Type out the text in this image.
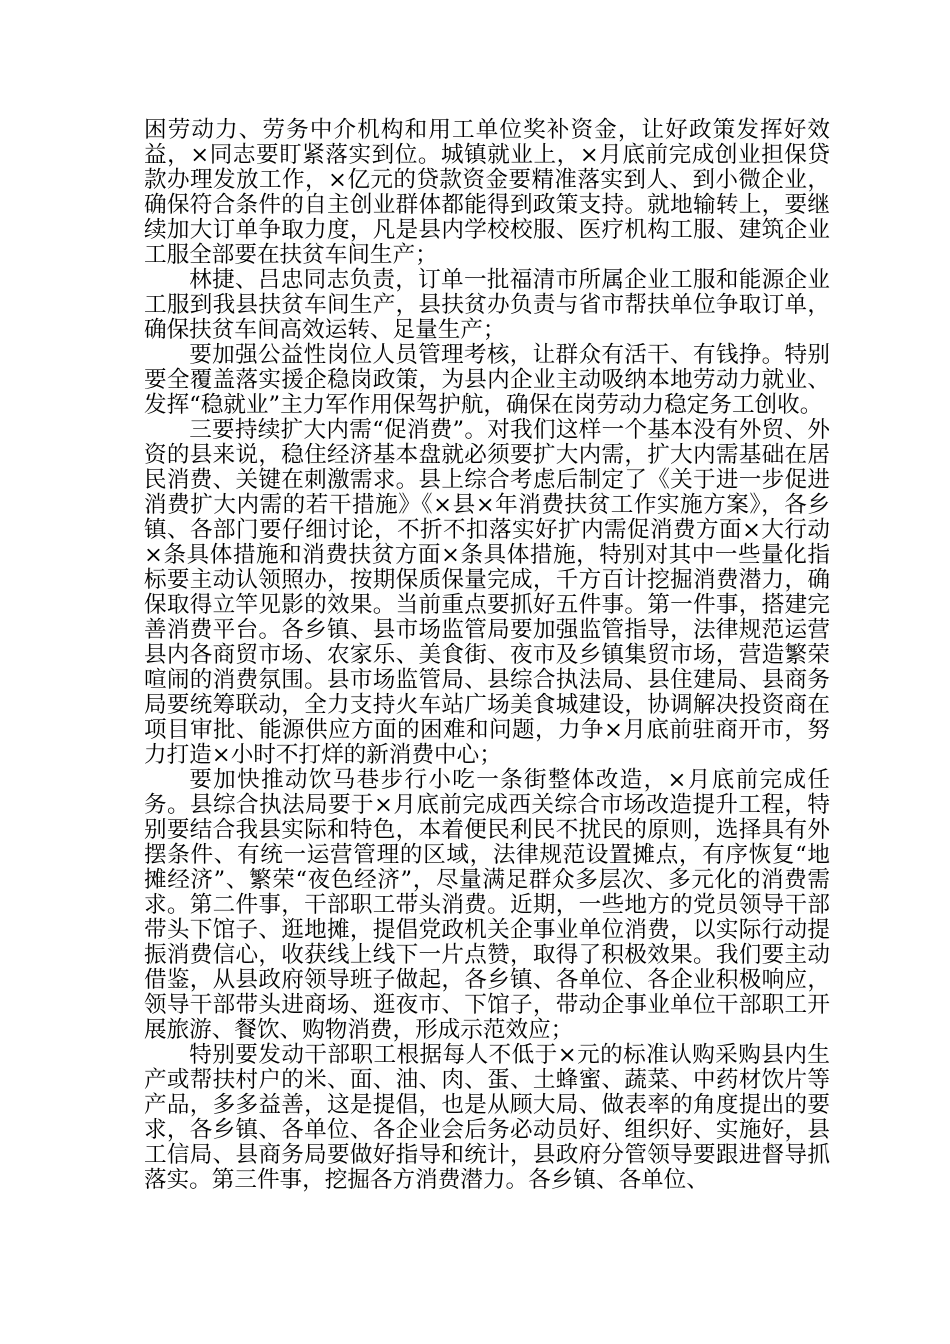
困劳动力、劳务中介机构和用工单位奖补资金，让好政策发挥好效益，×同志要盯紧落实到位。城镇就业上，×月底前完成创业担保贷款办理发放工作，×亿元的贷款资金要精准落实到人、到小微企业，确保符合条件的自主创业群体都能得到政策支持。就地输转上，要继续加大订单争取力度，凡是县内学校校服、医疗机构工服、建筑企业工服全部要在扶贫车间生产；

林捷、吕忠同志负责，订单一批福清市所属企业工服和能源企业工服到我县扶贫车间生产，县扶贫办负责与省市帮扶单位争取订单，确保扶贫车间高效运转、足量生产；

要加强公益性岗位人员管理考核，让群众有活干、有钱挣。特别要全覆盖落实援企稳岗政策，为县内企业主动吸纳本地劳动力就业、发挥“稳就业”主力军作用保驾护航，确保在岗劳动力稳定务工创收。

三要持续扩大内需“促消费”。对我们这样一个基本没有外贸、外资的县来说，稳住经济基本盘就必须要扩大内需，扩大内需基础在居民消费、关键在刺激需求。县上综合考虑后制定了《关于进一步促进消费扩大内需的若干措施》《×县×年消费扶贫工作实施方案》，各乡镇、各部门要仔细讨论，不折不扣落实好扩内需促消费方面×大行动×条具体措施和消费扶贫方面×条具体措施，特别对其中一些量化指标要主动认领照办，按期保质保量完成，千方百计挖掘消费潜力，确保取得立竿见影的效果。当前重点要抓好五件事。第一件事，搭建完善消费平台。各乡镇、县市场监管局要加强监管指导，法律规范运营县内各商贸市场、农家乐、美食街、夜市及乡镇集贸市场，营造繁荣喧闹的消费氛围。县市场监管局、县综合执法局、县住建局、县商务局要统筹联动，全力支持火车站广场美食城建设，协调解决投资商在项目审批、能源供应方面的困难和问题，力争×月底前驻商开市，努力打造×小时不打烊的新消费中心；

要加快推动饮马巷步行小吃一条街整体改造，×月底前完成任务。县综合执法局要于×月底前完成西关综合市场改造提升工程，特别要结合我县实际和特色，本着便民利民不扰民的原则，选择具有外摆条件、有统一运营管理的区域，法律规范设置摊点，有序恢复“地摊经济”、繁荣“夜色经济”，尽量满足群众多层次、多元化的消费需求。第二件事，干部职工带头消费。近期，一些地方的党员领导干部带头下馆子、逛地摊，提倡党政机关企事业单位消费，以实际行动提振消费信心，收获线上线下一片点赞，取得了积极效果。我们要主动借鉴，从县政府领导班子做起，各乡镇、各单位、各企业积极响应，领导干部带头进商场、逛夜市、下馆子，带动企事业单位干部职工开展旅游、餐饮、购物消费，形成示范效应；

特别要发动干部职工根据每人不低于×元的标准认购采购县内生产或帮扶村户的米、面、油、肉、蛋、土蜂蜜、蔬菜、中药材饮片等产品，多多益善，这是提倡，也是从顾大局、做表率的角度提出的要求，各乡镇、各单位、各企业会后务必动员好、组织好、实施好，县工信局、县商务局要做好指导和统计，县政府分管领导要跟进督导抓落实。第三件事，挖掘各方消费潜力。各乡镇、各单位、
